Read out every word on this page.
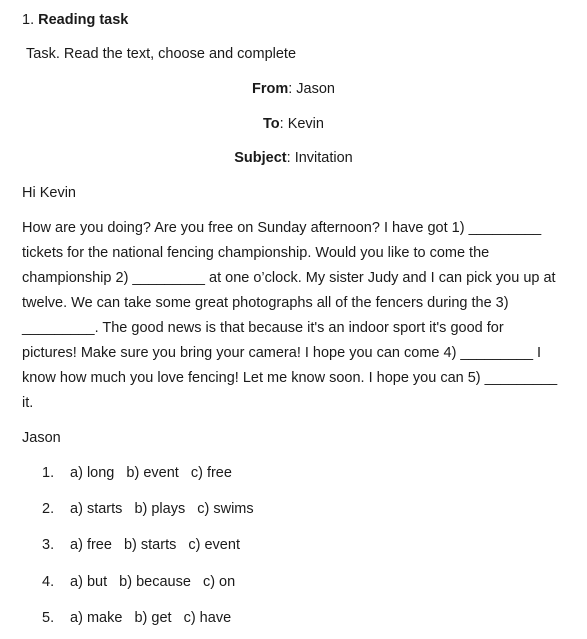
1. Reading task
Task. Read the text, choose and complete
From: Jason
To: Kevin
Subject: Invitation
Hi Kevin
How are you doing? Are you free on Sunday afternoon? I have got 1) _________
tickets for the national fencing championship. Would you like to come the
championship 2) _________ at one o’clock. My sister Judy and I can pick you up at
twelve. We can take some great photographs all of the fencers during the 3)
_________. The good news is that because it's an indoor sport it's good for
pictures! Make sure you bring your camera! I hope you can come 4) _________ I
know how much you love fencing! Let me know soon. I hope you can 5) _________
it.
Jason
1. a) long b) event c) free
2. a) starts b) plays c) swims
3. a) free b) starts c) event
4. a) but b) because c) on
5. a) make b) get c) have
